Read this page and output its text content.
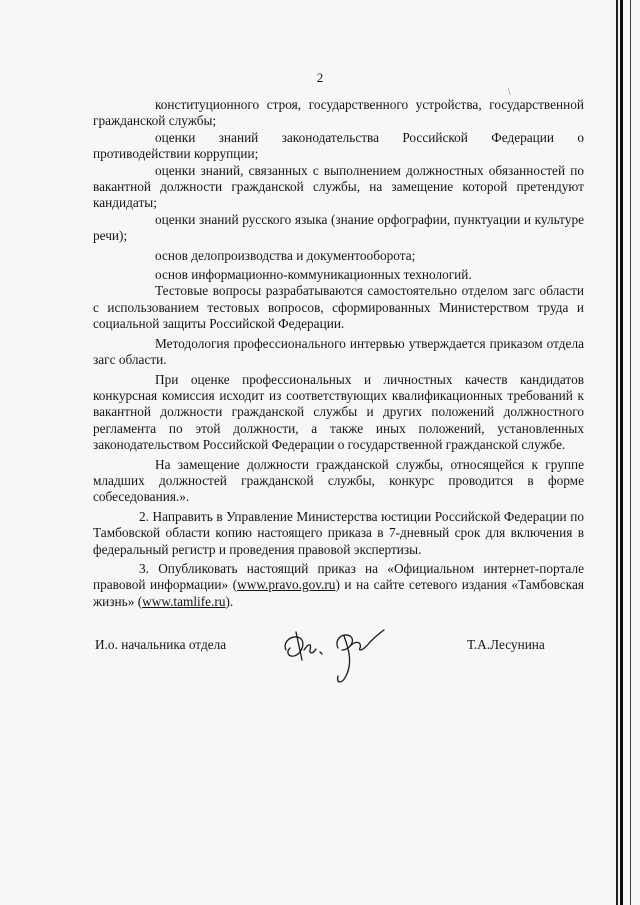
2
\

конституционного строя, государственного устройства, государственной гражданской службы;

оценки знаний законодательства Российской Федерации о противодействии коррупции;

оценки знаний, связанных с выполнением должностных обязанностей по вакантной должности гражданской службы, на замещение которой претендуют кандидаты;

оценки знаний русского языка (знание орфографии, пунктуации и культуре речи);

основ делопроизводства и документооборота;

основ информационно-коммуникационных технологий.

Тестовые вопросы разрабатываются самостоятельно отделом загс области с использованием тестовых вопросов, сформированных Министерством труда и социальной защиты Российской Федерации.

Методология профессионального интервью утверждается приказом отдела загс области.

При оценке профессиональных и личностных качеств кандидатов конкурсная комиссия исходит из соответствующих квалификационных требований к вакантной должности гражданской службы и других положений должностного регламента по этой должности, а также иных положений, установленных законодательством Российской Федерации о государственной гражданской службе.

На замещение должности гражданской службы, относящейся к группе младших должностей гражданской службы, конкурс проводится в форме собеседования.».

2. Направить в Управление Министерства юстиции Российской Федерации по Тамбовской области копию настоящего приказа в 7-дневный срок для включения в федеральный регистр и проведения правовой экспертизы.

3. Опубликовать настоящий приказ на «Официальном интернет-портале правовой информации» (www.pravo.gov.ru) и на сайте сетевого издания «Тамбовская жизнь» (www.tamlife.ru).

И.о. начальника отдела	Т.А.Лесунина
